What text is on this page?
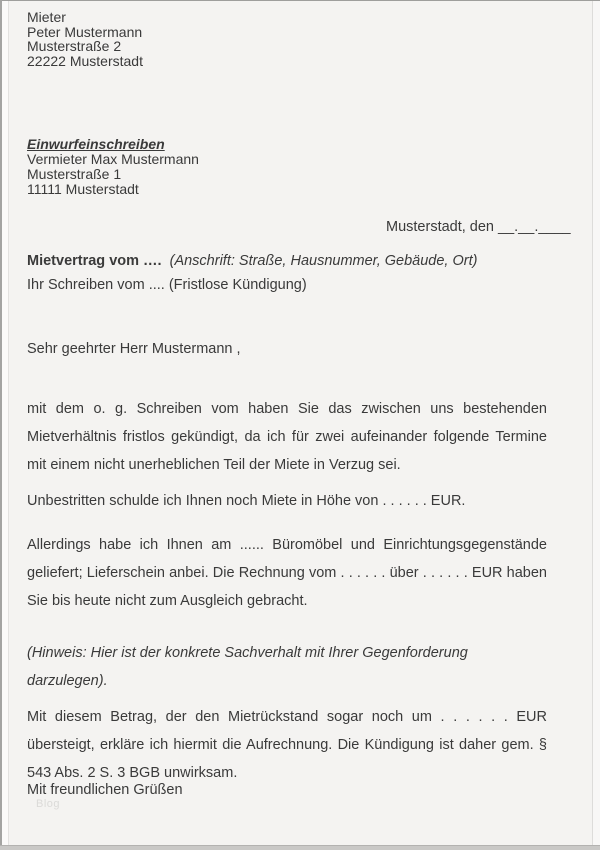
Mieter
Peter Mustermann
Musterstraße 2
22222 Musterstadt
Einwurfeinschreiben
Vermieter Max Mustermann
Musterstraße 1
11111 Musterstadt
Musterstadt, den __.__.____
Mietvertrag vom …. (Anschrift: Straße, Hausnummer, Gebäude, Ort)
Ihr Schreiben vom .... (Fristlose Kündigung)
Sehr geehrter Herr Mustermann ,
mit dem o. g. Schreiben vom haben Sie das zwischen uns bestehenden Mietverhältnis fristlos gekündigt, da ich für zwei aufeinander folgende Termine mit einem nicht unerheblichen Teil der Miete in Verzug sei.
Unbestritten schulde ich Ihnen noch Miete in Höhe von . . . . . . EUR.
Allerdings habe ich Ihnen am ...... Büromöbel und Einrichtungsgegenstände geliefert; Lieferschein anbei. Die Rechnung vom . . . . . . über . . . . . . EUR haben Sie bis heute nicht zum Ausgleich gebracht.
(Hinweis: Hier ist der konkrete Sachverhalt mit Ihrer Gegenforderung darzulegen).
Mit diesem Betrag, der den Mietrückstand sogar noch um . . . . . . EUR übersteigt, erkläre ich hiermit die Aufrechnung. Die Kündigung ist daher gem. § 543 Abs. 2 S. 3 BGB unwirksam.
Mit freundlichen Grüßen
Blog
